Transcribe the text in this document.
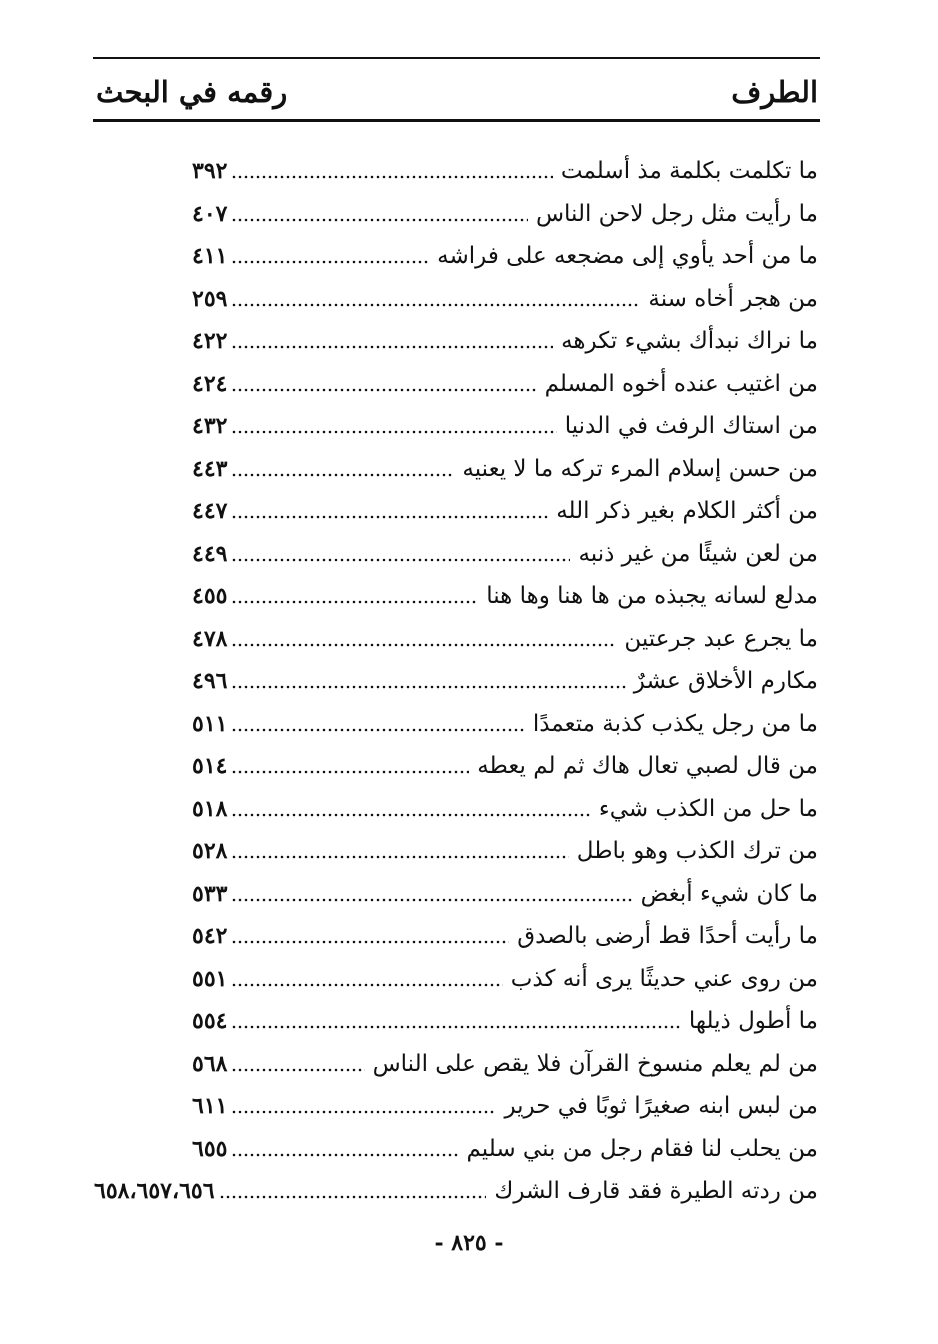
الطرف
رقمه في البحث
ما تكلمت بكلمة مذ أسلمت
٣٩٢
ما رأيت مثل رجل لاحن الناس
٤٠٧
ما من أحد يأوي إلى مضجعه على فراشه
٤١١
من هجر أخاه سنة
٢٥٩
ما نراك نبدأك بشيء تكرهه
٤٢٢
من اغتيب عنده أخوه المسلم
٤٢٤
من استاك الرفث في الدنيا
٤٣٢
من حسن إسلام المرء تركه ما لا يعنيه
٤٤٣
من أكثر الكلام بغير ذكر الله
٤٤٧
من لعن شيئًا من غير ذنبه
٤٤٩
مدلع لسانه يجبذه من ها هنا وها هنا
٤٥٥
ما يجرع عبد جرعتين
٤٧٨
مكارم الأخلاق عشرٌ
٤٩٦
ما من رجل يكذب كذبة متعمدًا
٥١١
من قال لصبي تعال هاك ثم لم يعطه
٥١٤
ما حل من الكذب شيء
٥١٨
من ترك الكذب وهو باطل
٥٢٨
ما كان شيء أبغض
٥٣٣
ما رأيت أحدًا قط أرضى بالصدق
٥٤٢
من روى عني حديثًا يرى أنه كذب
٥٥١
ما أطول ذيلها
٥٥٤
من لم يعلم منسوخ القرآن فلا يقص على الناس
٥٦٨
من لبس ابنه صغيرًا ثوبًا في حرير
٦١١
من يحلب لنا فقام رجل من بني سليم
٦٥٥
من ردته الطيرة فقد قارف الشرك
٦٥٨،٦٥٧،٦٥٦
- ٨٢٥ -
